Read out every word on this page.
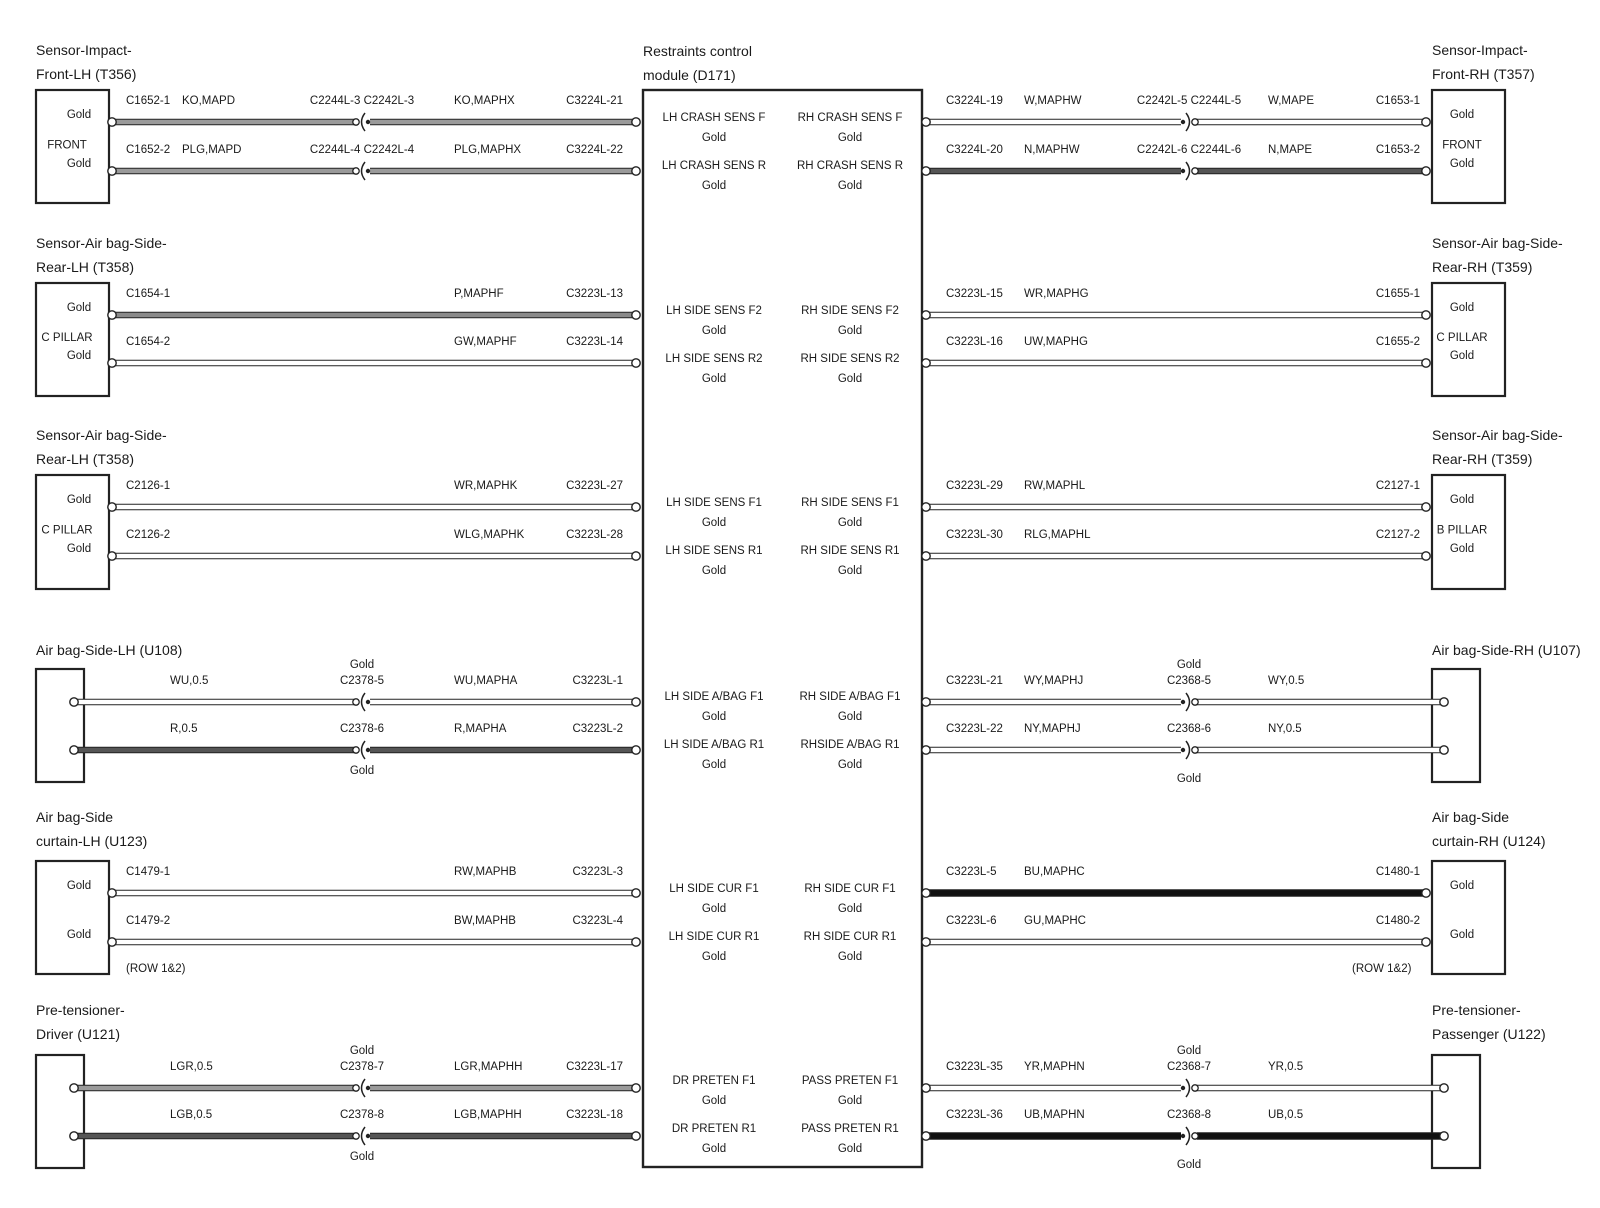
Restraints control
module (D171)
LH CRASH SENS F	RH CRASH SENS F
Gold	Gold
LH CRASH SENS R	RH CRASH SENS R
Gold	Gold
LH SIDE SENS F2	RH SIDE SENS F2
Gold	Gold
LH SIDE SENS R2	RH SIDE SENS R2
Gold	Gold
LH SIDE SENS F1	RH SIDE SENS F1
Gold	Gold
LH SIDE SENS R1	RH SIDE SENS R1
Gold	Gold
LH SIDE A/BAG F1	RH SIDE A/BAG F1
Gold	Gold
LH SIDE A/BAG R1	RHSIDE A/BAG R1
Gold	Gold
LH SIDE CUR F1	RH SIDE CUR F1
Gold	Gold
LH SIDE CUR R1	RH SIDE CUR R1
Gold	Gold
DR PRETEN F1	PASS PRETEN F1
Gold	Gold
DR PRETEN R1	PASS PRETEN R1
Gold	Gold
Sensor-Impact-
Front-LH (T356)
Sensor-Impact-
Front-RH (T357)
Gold
FRONT
Gold
Gold
FRONT
Gold
C2244L-3 C2242L-3
C1652-1 KO,MAPD	KO,MAPHX	C3224L-21
C2244L-4 C2242L-4
C1652-2 PLG,MAPD	PLG,MAPHX	C3224L-22
C2242L-5 C2244L-5
C3224L-19 W,MAPHW	W,MAPE	C1653-1
C2242L-6 C2244L-6
C3224L-20 N,MAPHW	N,MAPE	C1653-2
Sensor-Air bag-Side-
Rear-LH (T358)
Sensor-Air bag-Side-
Rear-RH (T359)
Gold
C PILLAR
Gold
Gold
C PILLAR
Gold
C1654-1	P,MAPHF	C3223L-13
C1654-2	GW,MAPHF	C3223L-14
C3223L-15 WR,MAPHG	C1655-1
C3223L-16 UW,MAPHG	C1655-2
Sensor-Air bag-Side-
Rear-LH (T358)
Sensor-Air bag-Side-
Rear-RH (T359)
Gold
C PILLAR
Gold
Gold
B PILLAR
Gold
C2126-1	WR,MAPHK	C3223L-27
C2126-2	WLG,MAPHK	C3223L-28
C3223L-29 RW,MAPHL	C2127-1
C3223L-30 RLG,MAPHL	C2127-2
Air bag-Side-LH (U108)	Air bag-Side-RH (U107)
C2378-5
WU,0.5	WU,MAPHA	C3223L-1
C2378-6
R,0.5	R,MAPHA	C3223L-2
C2368-5
C3223L-21 WY,MAPHJ	WY,0.5
C2368-6
C3223L-22 NY,MAPHJ	NY,0.5
Gold	Gold
Gold
Gold
Air bag-Side
curtain-LH (U123)
Air bag-Side
curtain-RH (U124)
Gold
Gold
Gold
Gold
(ROW 1&2)	(ROW 1&2)
C1479-1	RW,MAPHB	C3223L-3
C1479-2	BW,MAPHB	C3223L-4
C3223L-5 BU,MAPHC	C1480-1
C3223L-6 GU,MAPHC	C1480-2
Pre-tensioner-
Driver (U121)
Pre-tensioner-
Passenger (U122)
C2378-7
LGR,0.5	LGR,MAPHH	C3223L-17
C2378-8
LGB,0.5	LGB,MAPHH	C3223L-18
C2368-7
C3223L-35 YR,MAPHN	YR,0.5
C2368-8
C3223L-36 UB,MAPHN	UB,0.5
Gold	Gold
Gold
Gold
